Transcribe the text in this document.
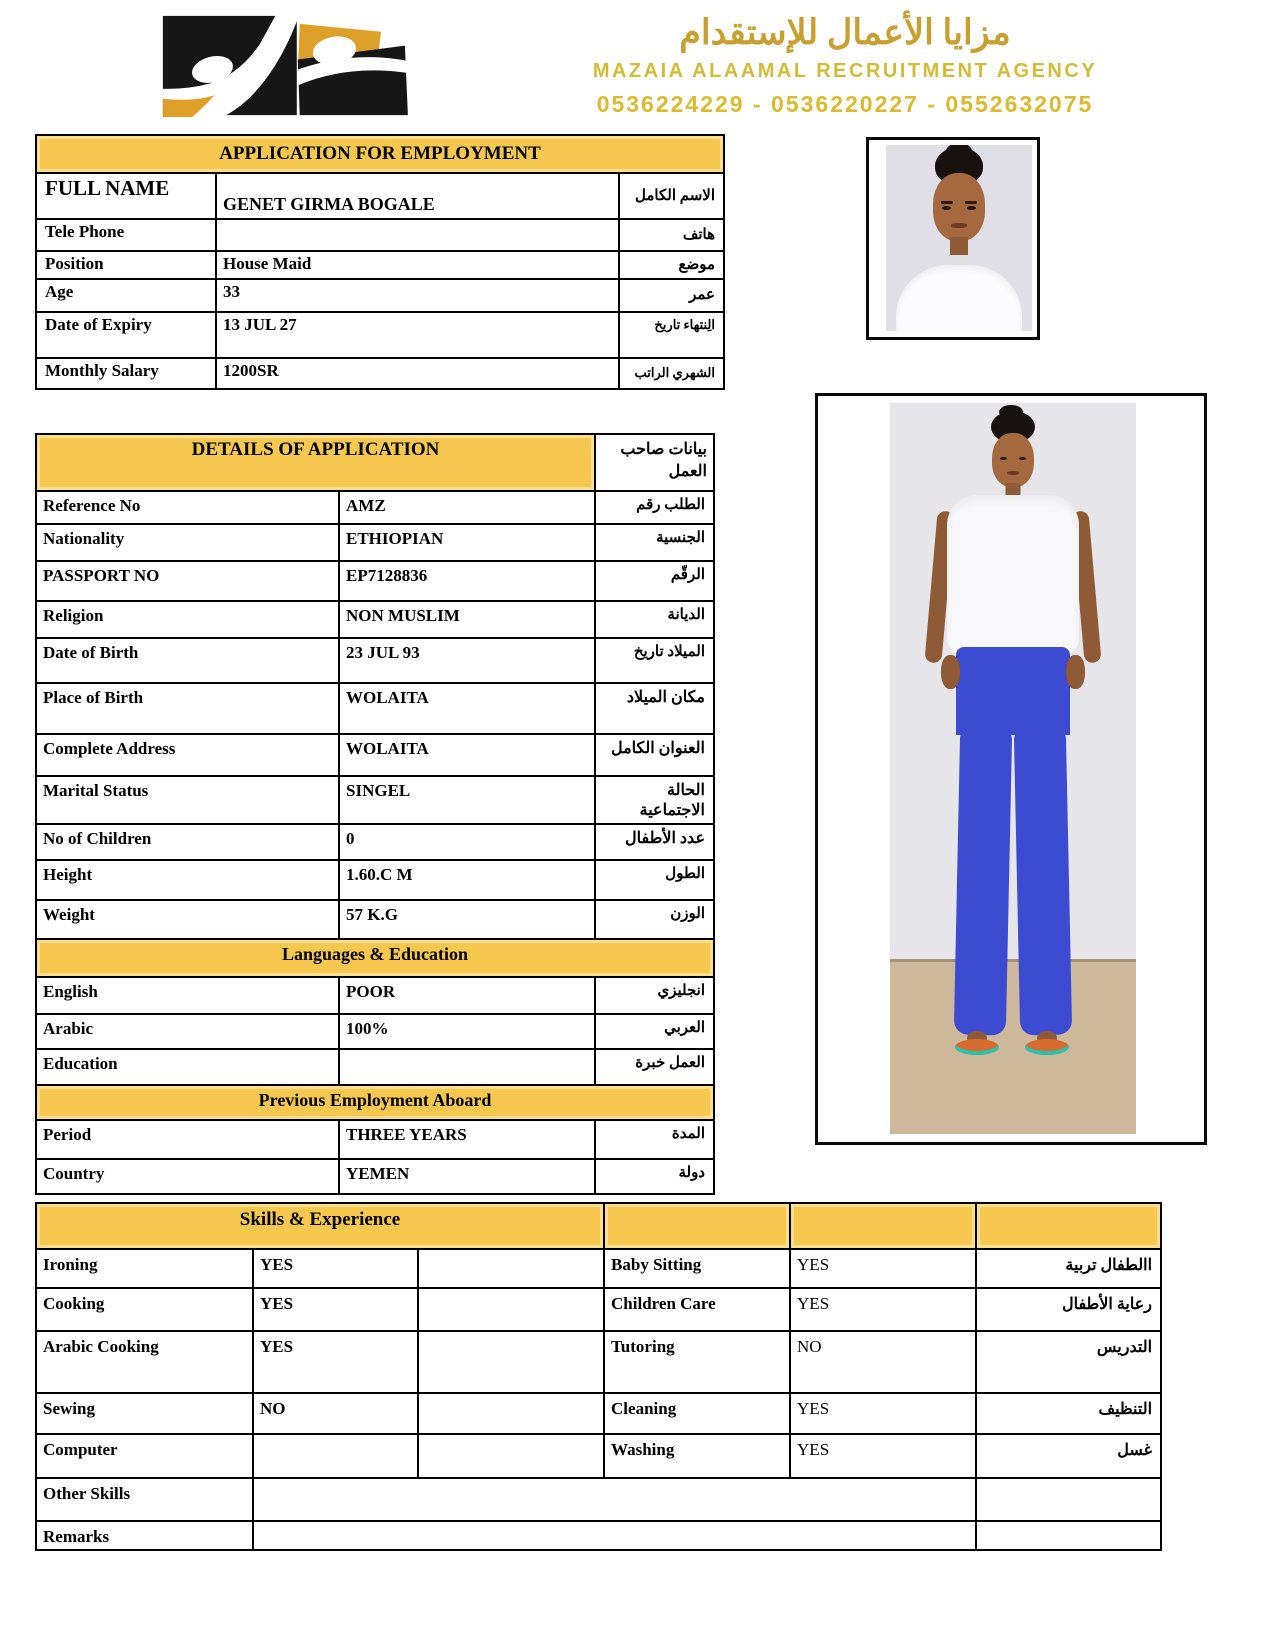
مزايا الأعمال للإستقدام
MAZAIA ALAAMAL RECRUITMENT AGENCY
0536224229 - 0536220227 - 0552632075
APPLICATION FOR EMPLOYMENT		
FULL NAME	GENET GIRMA BOGALE	الاسم الكامل
Tele Phone		هاتف
Position	House Maid	موضع
Age	33	عمر
Date of Expiry	13 JUL 27	الِنتهاء تاريخ
Monthly Salary	1200SR	الشهري الراتب
DETAILS OF APPLICATION		بيانات صاحب العمل
Reference No	AMZ	الطلب رقم
Nationality	ETHIOPIAN	الجنسية
PASSPORT NO	EP7128836	الرقّم
Religion	NON MUSLIM	الديانة
Date of Birth	23 JUL 93	الميلاد تاريخ
Place of Birth	WOLAITA	مكان الميلاد
Complete Address	WOLAITA	العنوان الكامل
Marital Status	SINGEL	الحالة الاجتماعية
No of Children	0	عدد الأطفال
Height	1.60.C M	الطول
Weight	57 K.G	الوزن
Languages & Education		
English	POOR	انجليزي
Arabic	100%	العربي
Education		العمل خبرة
Previous Employment Aboard		
Period	THREE YEARS	المدة
Country	YEMEN	دولة
Skills & Experience					
Ironing	YES		Baby Sitting	YES	االطفال تربية
Cooking	YES		Children Care	YES	رعاية الأطفال
Arabic Cooking	YES		Tutoring	NO	التدريس
Sewing	NO		Cleaning	YES	التنظيف
Computer			Washing	YES	غسل
Other Skills					
Remarks					
